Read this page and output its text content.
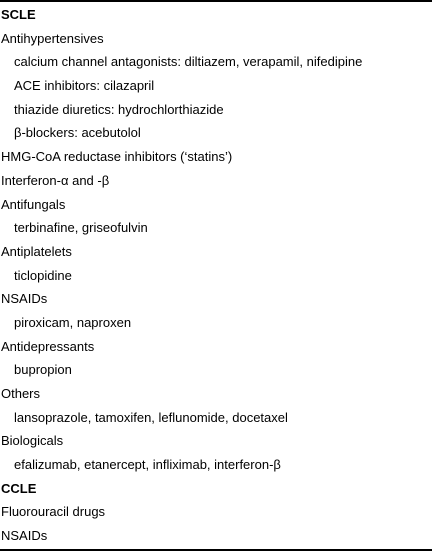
SCLE
Antihypertensives
calcium channel antagonists: diltiazem, verapamil, nifedipine
ACE inhibitors: cilazapril
thiazide diuretics: hydrochlorthiazide
β-blockers: acebutolol
HMG-CoA reductase inhibitors (‘statins’)
Interferon-α and -β
Antifungals
terbinafine, griseofulvin
Antiplatelets
ticlopidine
NSAIDs
piroxicam, naproxen
Antidepressants
bupropion
Others
lansoprazole, tamoxifen, leflunomide, docetaxel
Biologicals
efalizumab, etanercept, infliximab, interferon-β
CCLE
Fluorouracil drugs
NSAIDs
